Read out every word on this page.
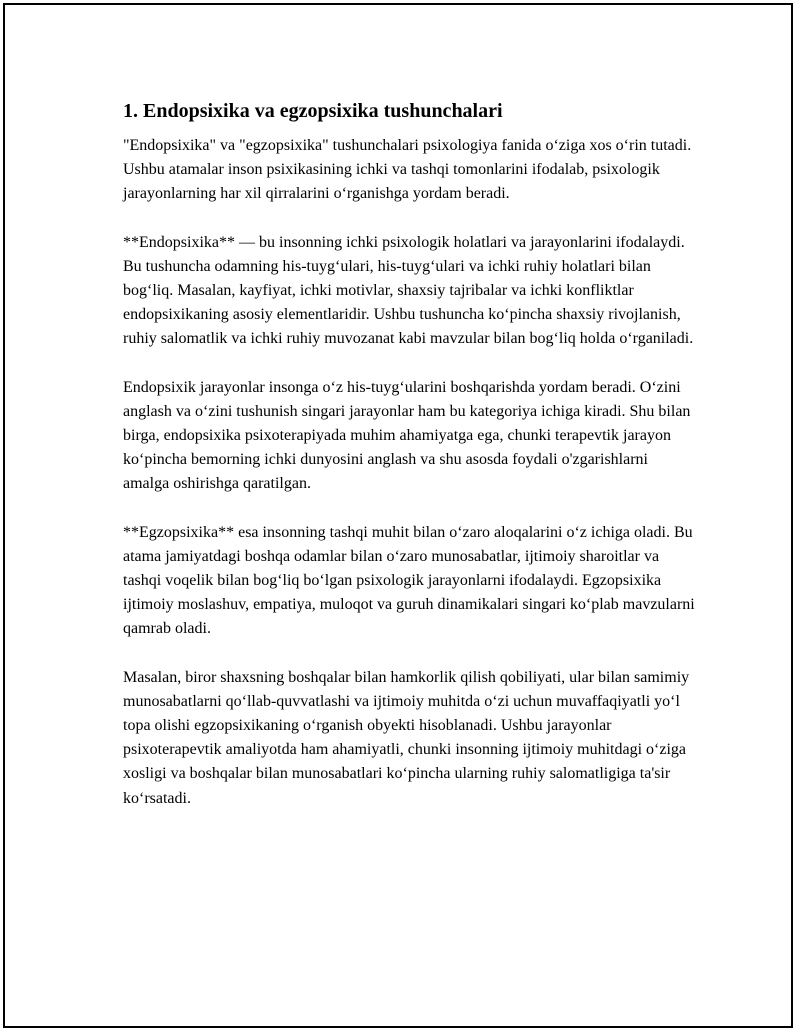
1. Endopsixika va egzopsixika tushunchalari

"Endopsixika" va "egzopsixika" tushunchalari psixologiya fanida o‘ziga xos o‘rin tutadi. Ushbu atamalar inson psixikasining ichki va tashqi tomonlarini ifodalab, psixologik jarayonlarning har xil qirralarini o‘rganishga yordam beradi.

**Endopsixika** — bu insonning ichki psixologik holatlari va jarayonlarini ifodalaydi. Bu tushuncha odamning his-tuyg‘ulari, his-tuyg‘ulari va ichki ruhiy holatlari bilan bog‘liq. Masalan, kayfiyat, ichki motivlar, shaxsiy tajribalar va ichki konfliktlar endopsixikaning asosiy elementlaridir. Ushbu tushuncha ko‘pincha shaxsiy rivojlanish, ruhiy salomatlik va ichki ruhiy muvozanat kabi mavzular bilan bog‘liq holda o‘rganiladi.

Endopsixik jarayonlar insonga o‘z his-tuyg‘ularini boshqarishda yordam beradi. O‘zini anglash va o‘zini tushunish singari jarayonlar ham bu kategoriya ichiga kiradi. Shu bilan birga, endopsixika psixoterapiyada muhim ahamiyatga ega, chunki terapevtik jarayon ko‘pincha bemorning ichki dunyosini anglash va shu asosda foydali o'zgarishlarni amalga oshirishga qaratilgan.

**Egzopsixika** esa insonning tashqi muhit bilan o‘zaro aloqalarini o‘z ichiga oladi. Bu atama jamiyatdagi boshqa odamlar bilan o‘zaro munosabatlar, ijtimoiy sharoitlar va tashqi voqelik bilan bog‘liq bo‘lgan psixologik jarayonlarni ifodalaydi. Egzopsixika ijtimoiy moslashuv, empatiya, muloqot va guruh dinamikalari singari ko‘plab mavzularni qamrab oladi.

Masalan, biror shaxsning boshqalar bilan hamkorlik qilish qobiliyati, ular bilan samimiy munosabatlarni qo‘llab-quvvatlashi va ijtimoiy muhitda o‘zi uchun muvaffaqiyatli yo‘l topa olishi egzopsixikaning o‘rganish obyekti hisoblanadi. Ushbu jarayonlar psixoterapevtik amaliyotda ham ahamiyatli, chunki insonning ijtimoiy muhitdagi o‘ziga xosligi va boshqalar bilan munosabatlari ko‘pincha ularning ruhiy salomatligiga ta'sir ko‘rsatadi.
